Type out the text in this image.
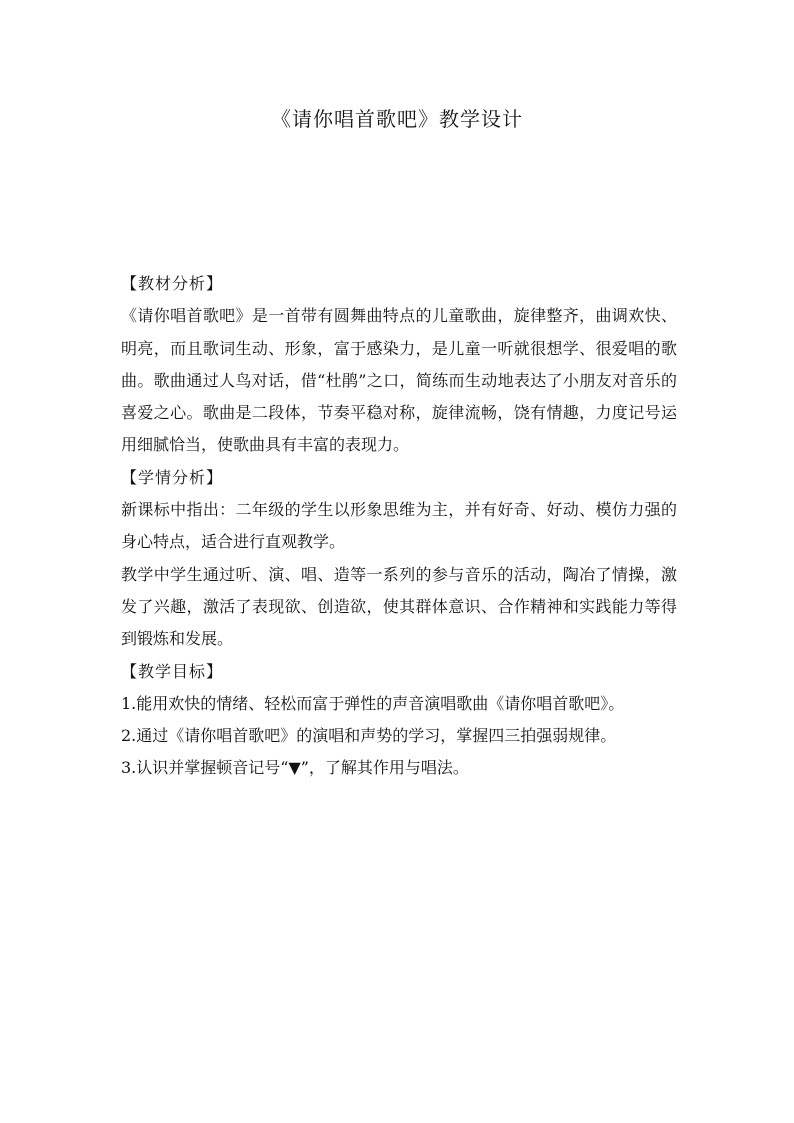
《请你唱首歌吧》教学设计

【教材分析】

《请你唱首歌吧》是一首带有圆舞曲特点的儿童歌曲，旋律整齐，曲调欢快、明亮，而且歌词生动、形象，富于感染力，是儿童一听就很想学、很爱唱的歌曲。歌曲通过人鸟对话，借“杜鹃”之口，简练而生动地表达了小朋友对音乐的喜爱之心。歌曲是二段体，节奏平稳对称，旋律流畅，饶有情趣，力度记号运用细腻恰当，使歌曲具有丰富的表现力。

【学情分析】

新课标中指出：二年级的学生以形象思维为主，并有好奇、好动、模仿力强的身心特点，适合进行直观教学。

教学中学生通过听、演、唱、造等一系列的参与音乐的活动，陶冶了情操，激发了兴趣，激活了表现欲、创造欲，使其群体意识、合作精神和实践能力等得到锻炼和发展。

【教学目标】

1.能用欢快的情绪、轻松而富于弹性的声音演唱歌曲《请你唱首歌吧》。

2.通过《请你唱首歌吧》的演唱和声势的学习，掌握四三拍强弱规律。

3.认识并掌握顿音记号“▼”，了解其作用与唱法。
